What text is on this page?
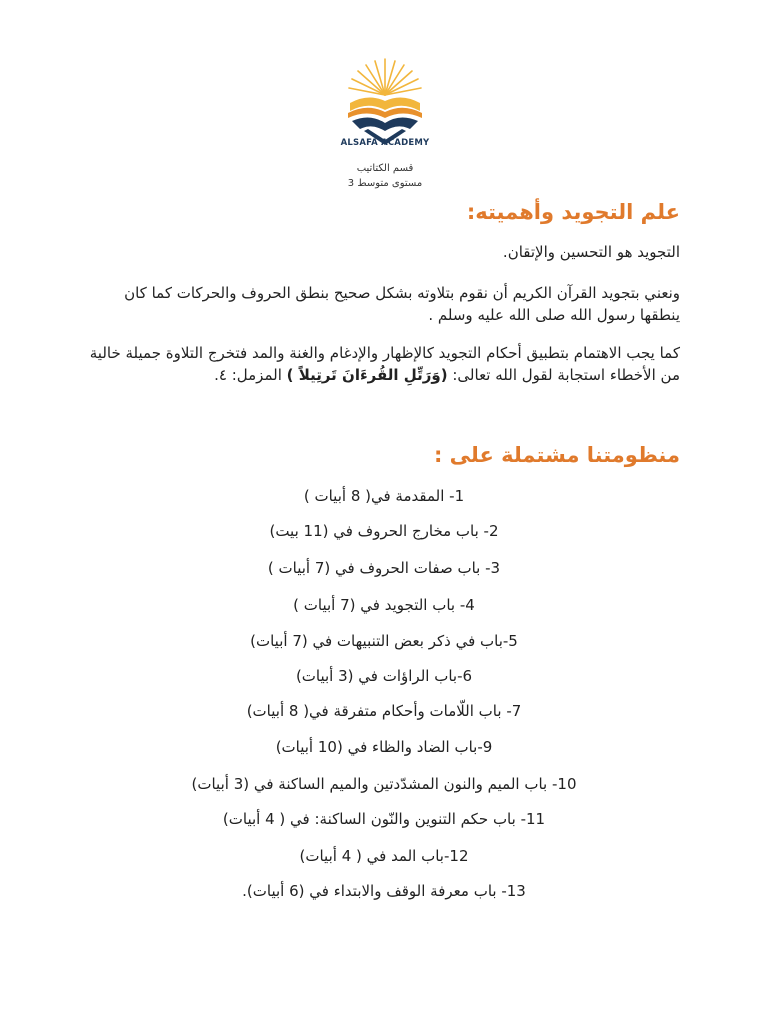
ALSAFA ACADEMY
قسم الكتاتيب
مستوى متوسط 3
علم التجويد وأهميته:
التجويد هو التحسين والإتقان.
ونعني بتجويد القرآن الكريم أن نقوم بتلاوته بشكل صحيح بنطق الحروف والحركات كما كان ينطقها رسول الله صلى الله عليه وسلم .
كما يجب الاهتمام بتطبيق أحكام التجويد كالإظهار والإدغام والغنة والمد فتخرج التلاوة جميلة خالية من الأخطاء استجابة لقول الله تعالى: (وَرَتِّلِ القُرءَانَ تَرتِيلاً ) المزمل: ٤.
منظومتنا مشتملة على :
1- المقدمة في( 8 أبيات )
2- باب مخارج الحروف في (11 بيت)
3- باب صفات الحروف في (7 أبيات )
4- باب التجويد في (7 أبيات )
5-باب في ذكر بعض التنبيهات في (7 أبيات)
6-باب الراؤات في (3 أبيات)
7- باب اللّامات وأحكام متفرقة في( 8 أبيات)
9-باب الضاد والظاء في (10 أبيات)
10- باب الميم والنون المشدّدتين والميم الساكنة في (3 أبيات)
11- باب حكم التنوين والنّون الساكنة: في ( 4 أبيات)
12-باب المد في ( 4 أبيات)
13- باب معرفة الوقف والابتداء في (6 أبيات).
